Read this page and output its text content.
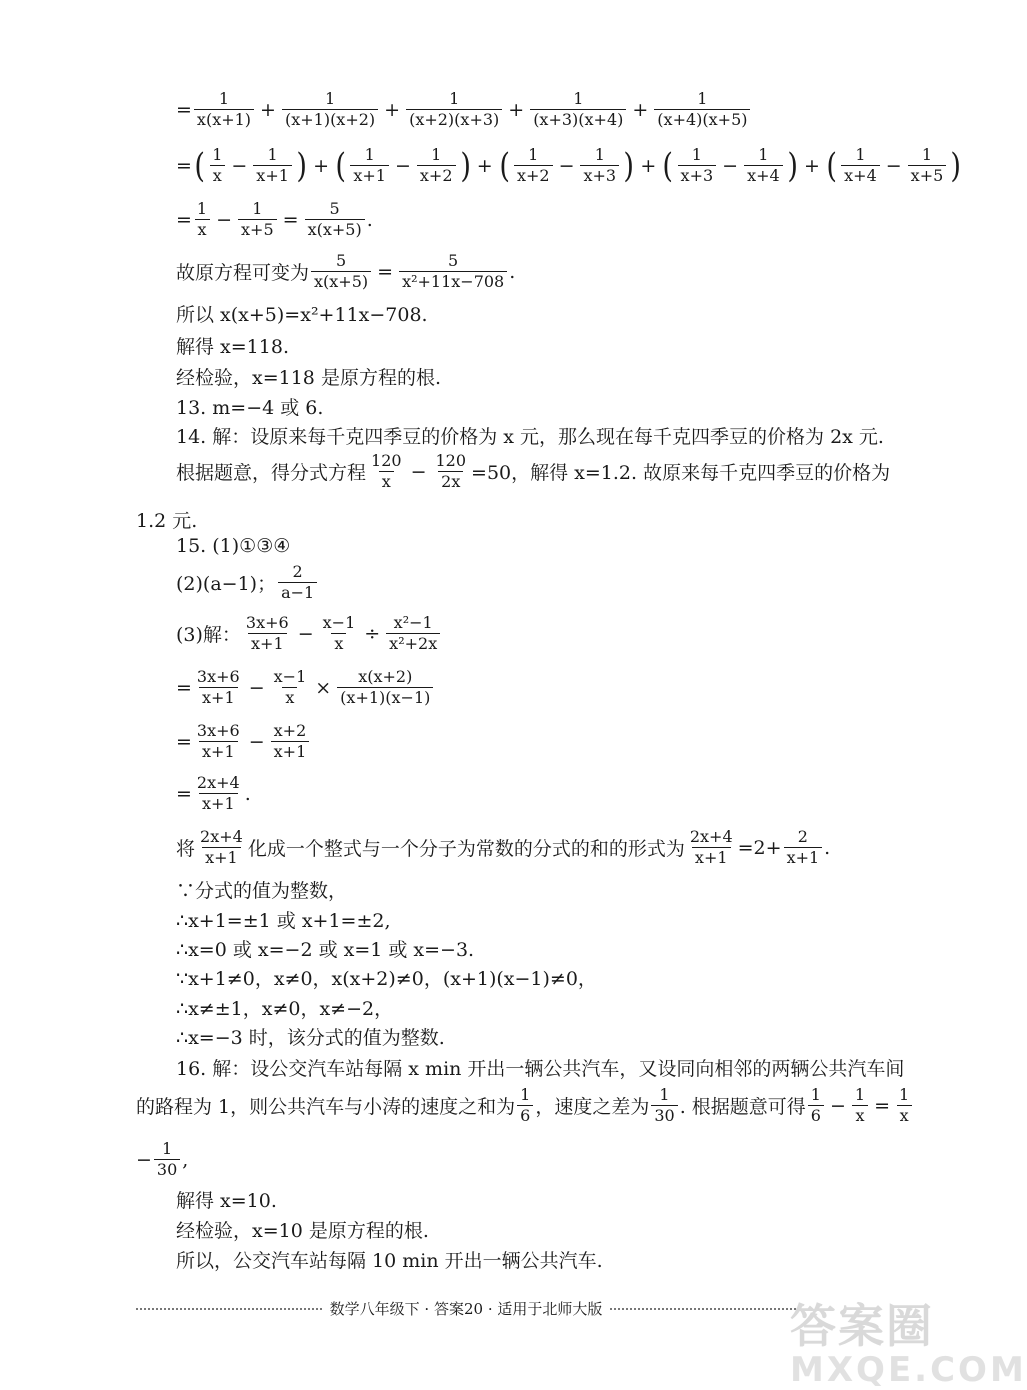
= $\frac{1}{x(x+1)} + \frac{1}{(x+1)(x+2)} + \frac{1}{(x+2)(x+3)} + \frac{1}{(x+3)(x+4)} + \frac{1}{(x+4)(x+5)}$
= ( $\frac{1}{x} - \frac{1}{x+1}$ ) + ( $\frac{1}{x+1} - \frac{1}{x+2}$ ) + ( $\frac{1}{x+2} - \frac{1}{x+3}$ ) + ( $\frac{1}{x+3} - \frac{1}{x+4}$ ) + ( $\frac{1}{x+4} - \frac{1}{x+5}$ )
= $\frac{1}{x} - \frac{1}{x+5} = \frac{5}{x(x+5)}$ .
故原方程可变为 $\frac{5}{x(x+5)} = \frac{5}{\text{x²+11x−708}}$ .
所以 x(x+5)=x²+11x−708.
解得 x=118.
经检验，x=118 是原方程的根.
13. m=−4 或 6.
14. 解：设原来每千克四季豆的价格为 x 元，那么现在每千克四季豆的价格为 2x 元.
根据题意，得分式方程 $\frac{120}{x} - \frac{120}{2x} =50$，解得 x=1.2. 故原来每千克四季豆的价格为
1.2 元.
15. (1)①③④
(2)(a−1)； $\frac{2}{a-1}$
(3)解： $\frac{3x+6}{x+1} - \frac{x-1}{x} \div \frac{\text{x²−1}}{\text{x²+2x}}$
= $\frac{3x+6}{x+1} - \frac{x-1}{x} \times \frac{x(x+2)}{(x+1)(x-1)}$
= $\frac{3x+6}{x+1} - \frac{x+2}{x+1}$
= $\frac{2x+4}{x+1}$ .
将 $\frac{2x+4}{x+1}$ 化成一个整式与一个分子为常数的分式的和的形式为 $\frac{2x+4}{x+1} =2+ \frac{2}{x+1}$ .
∵分式的值为整数，
∴x+1=±1 或 x+1=±2,
∴x=0 或 x=−2 或 x=1 或 x=−3.
∵x+1≠0，x≠0，x(x+2)≠0，(x+1)(x−1)≠0，
∴x≠±1，x≠0，x≠−2，
∴x=−3 时，该分式的值为整数.
16. 解：设公交汽车站每隔 x min 开出一辆公共汽车，又设同向相邻的两辆公共汽车间
的路程为 1，则公共汽车与小涛的速度之和为 $\frac{1}{6}$ ，速度之差为 $\frac{1}{30}$ . 根据题意可得 $\frac{1}{6} - \frac{1}{x} = \frac{1}{x}$
− $\frac{1}{30}$ ,
解得 x=10.
经检验，x=10 是原方程的根.
所以，公交汽车站每隔 10 min 开出一辆公共汽车.
数学八年级下 · 答案20 · 适用于北师大版	答案圈
MXQE.COM
